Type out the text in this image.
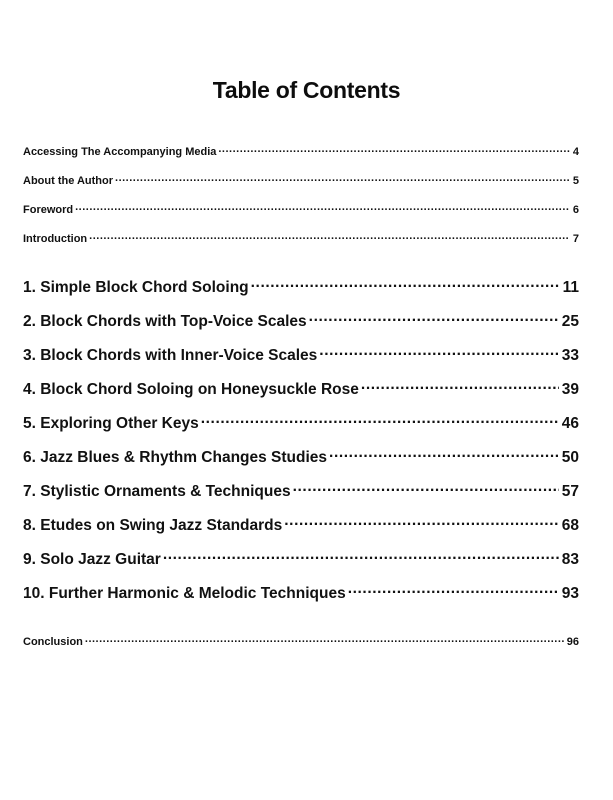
Table of Contents
Accessing The Accompanying Media .....	4
About the Author .....	5
Foreword .....	6
Introduction .....	7
1. Simple Block Chord Soloing .....	11
2. Block Chords with Top-Voice Scales .....	25
3. Block Chords with Inner-Voice Scales .....	33
4. Block Chord Soloing on Honeysuckle Rose .....	39
5. Exploring Other Keys .....	46
6. Jazz Blues & Rhythm Changes Studies .....	50
7. Stylistic Ornaments & Techniques .....	57
8. Etudes on Swing Jazz Standards .....	68
9. Solo Jazz Guitar .....	83
10. Further Harmonic & Melodic Techniques .....	93
Conclusion .....	96
